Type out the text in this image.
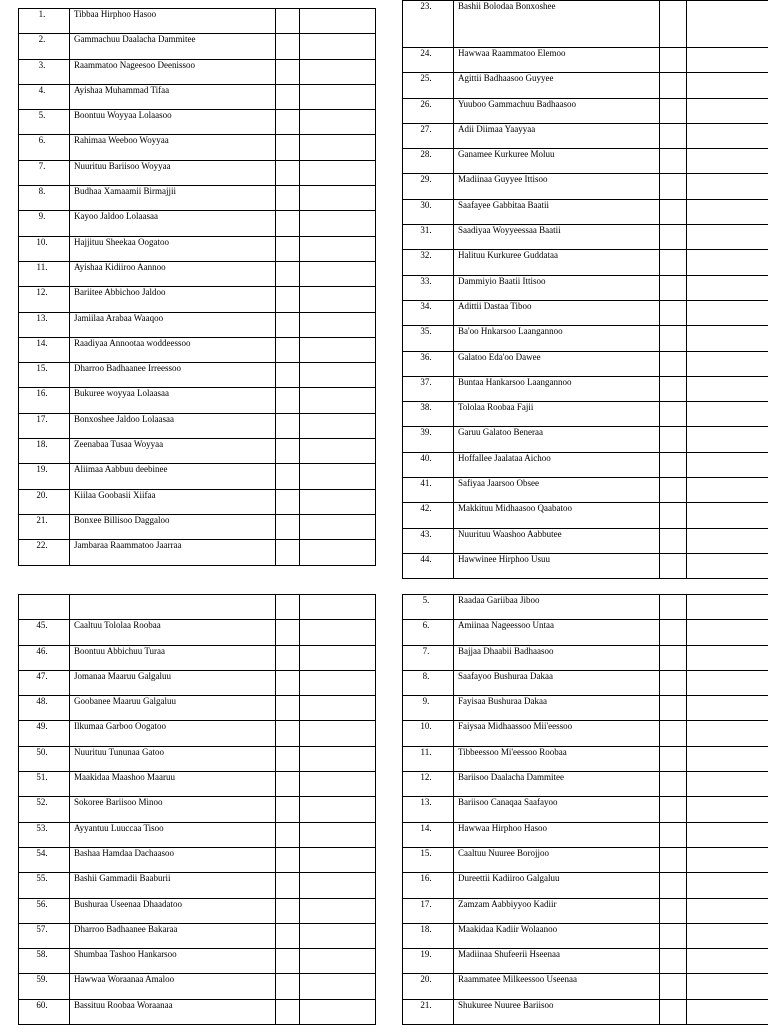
1.	Tibbaa Hirphoo Hasoo		
2.	Gammachuu Daalacha Dammitee		
3.	Raammatoo Nageesoo Deenissoo		
4.	Ayishaa Muhammad Tifaa		
5.	Boontuu Woyyaa Lolaasoo		
6.	Rahimaa Weeboo Woyyaa		
7.	Nuurituu Bariisoo Woyyaa		
8.	Budhaa Xamaamii Birmajjii		
9.	Kayoo Jaldoo Lolaasaa		
10.	Hajjituu Sheekaa Oogatoo		
11.	Ayishaa Kidiiroo Aannoo		
12.	Bariitee Abbichoo Jaldoo		
13.	Jamiilaa Arabaa Waaqoo		
14.	Raadiyaa Annootaa woddeessoo		
15.	Dharroo Badhaanee Irreessoo		
16.	Bukuree woyyaa Lolaasaa		
17.	Bonxoshee Jaldoo Lolaasaa		
18.	Zeenabaa Tusaa Woyyaa		
19.	Aliimaa Aabbuu deebinee		
20.	Kiilaa Goobasii Xiifaa		
21.	Bonxee Billisoo Daggaloo		
22.	Jambaraa Raammatoo Jaarraa		
23.	Bashii Bolodaa Bonxoshee		
24.	Hawwaa Raammatoo Elemoo		
25.	Agittii Badhaasoo Guyyee		
26.	Yuuboo Gammachuu Badhaasoo		
27.	Adii Diimaa Yaayyaa		
28.	Ganamee Kurkuree Moluu		
29.	Madiinaa Guyyee Ittisoo		
30.	Saafayee Gabbitaa Baatii		
31.	Saadiyaa Woyyeessaa Baatii		
32.	Halituu Kurkuree Guddataa		
33.	Dammiyio Baatii Ittisoo		
34.	Adittii Dastaa Tiboo		
35.	Ba'oo Hnkarsoo Laangannoo		
36.	Galatoo Eda'oo Dawee		
37.	Buntaa Hankarsoo Laangannoo		
38.	Tololaa Roobaa Fajii		
39.	Garuu Galatoo Beneraa		
40.	Hoffallee Jaalataa Aichoo		
41.	Safiyaa Jaarsoo Obsee		
42.	Makkituu Midhaasoo Qaabatoo		
43.	Nuurituu Waashoo Aabbutee		
44.	Hawwinee Hirphoo Usuu		

45.	Caaltuu Tololaa Roobaa		
46.	Boontuu Abbichuu Turaa		
47.	Jomanaa Maaruu Galgaluu		
48.	Goobanee Maaruu Galgaluu		
49.	Ilkumaa Garboo Oogatoo		
50.	Nuurituu Tununaa Gatoo		
51.	Maakidaa Maashoo Maaruu		
52.	Sokoree Bariisoo Minoo		
53.	Ayyantuu Luuccaa Tisoo		
54.	Bashaa Hamdaa Dachaasoo		
55.	Bashii Gammadii Baaburii		
56.	Bushuraa Useenaa Dhaadatoo		
57.	Dharroo Badhaanee Bakaraa		
58.	Shumbaa Tashoo Hankarsoo		
59.	Hawwaa Woraanaa Amaloo		
60.	Bassituu Roobaa Woraanaa		
5.	Raadaa Gariibaa Jiboo		
6.	Amiinaa Nageessoo Untaa		
7.	Bajjaa Dhaabii Badhaasoo		
8.	Saafayoo Bushuraa Dakaa		
9.	Fayisaa Bushuraa Dakaa		
10.	Faiysaa Midhaassoo Mii'eessoo		
11.	Tibbeessoo Mi'eessoo Roobaa		
12.	Bariisoo Daalacha Dammitee		
13.	Bariisoo Canaqaa Saafayoo		
14.	Hawwaa Hirphoo Hasoo		
15.	Caaltuu Nuuree Borojjoo		
16.	Dureettii Kadiiroo Galgaluu		
17.	Zamzam Aabbiyyoo Kadiir		
18.	Maakidaa Kadiir Wolaanoo		
19.	Madiinaa Shufeerii Hseenaa		
20.	Raammatee Milkeessoo Useenaa		
21.	Shukuree Nuuree Bariisoo		
